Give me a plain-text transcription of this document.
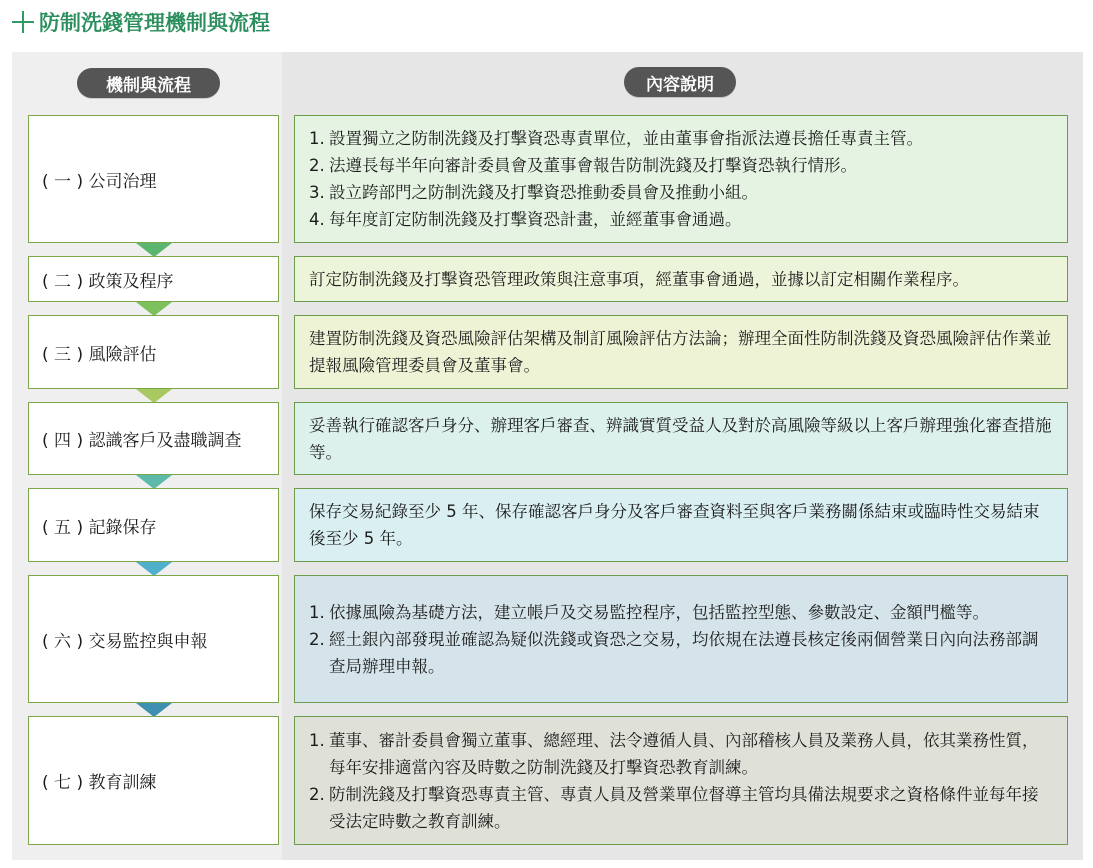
防制洗錢管理機制與流程
機制與流程	內容說明
( 一 ) 公司治理
1. 設置獨立之防制洗錢及打擊資恐專責單位，並由董事會指派法遵長擔任專責主管。
2. 法遵長每半年向審計委員會及董事會報告防制洗錢及打擊資恐執行情形。
3. 設立跨部門之防制洗錢及打擊資恐推動委員會及推動小組。
4. 每年度訂定防制洗錢及打擊資恐計畫，並經董事會通過。
( 二 ) 政策及程序	訂定防制洗錢及打擊資恐管理政策與注意事項，經董事會通過，並據以訂定相關作業程序。
( 三 ) 風險評估
建置防制洗錢及資恐風險評估架構及制訂風險評估方法論；辦理全面性防制洗錢及資恐風險評估作業並提報風險管理委員會及董事會。
( 四 ) 認識客戶及盡職調查
妥善執行確認客戶身分、辦理客戶審查、辨識實質受益人及對於高風險等級以上客戶辦理強化審查措施等。
( 五 ) 記錄保存
保存交易紀錄至少 5 年、保存確認客戶身分及客戶審查資料至與客戶業務關係結束或臨時性交易結束後至少 5 年。
( 六 ) 交易監控與申報
1. 依據風險為基礎方法，建立帳戶及交易監控程序，包括監控型態、參數設定、金額門檻等。
2. 經土銀內部發現並確認為疑似洗錢或資恐之交易，均依規在法遵長核定後兩個營業日內向法務部調查局辦理申報。
( 七 ) 教育訓練
1. 董事、審計委員會獨立董事、總經理、法令遵循人員、內部稽核人員及業務人員，依其業務性質，每年安排適當內容及時數之防制洗錢及打擊資恐教育訓練。
2. 防制洗錢及打擊資恐專責主管、專責人員及營業單位督導主管均具備法規要求之資格條件並每年接受法定時數之教育訓練。
